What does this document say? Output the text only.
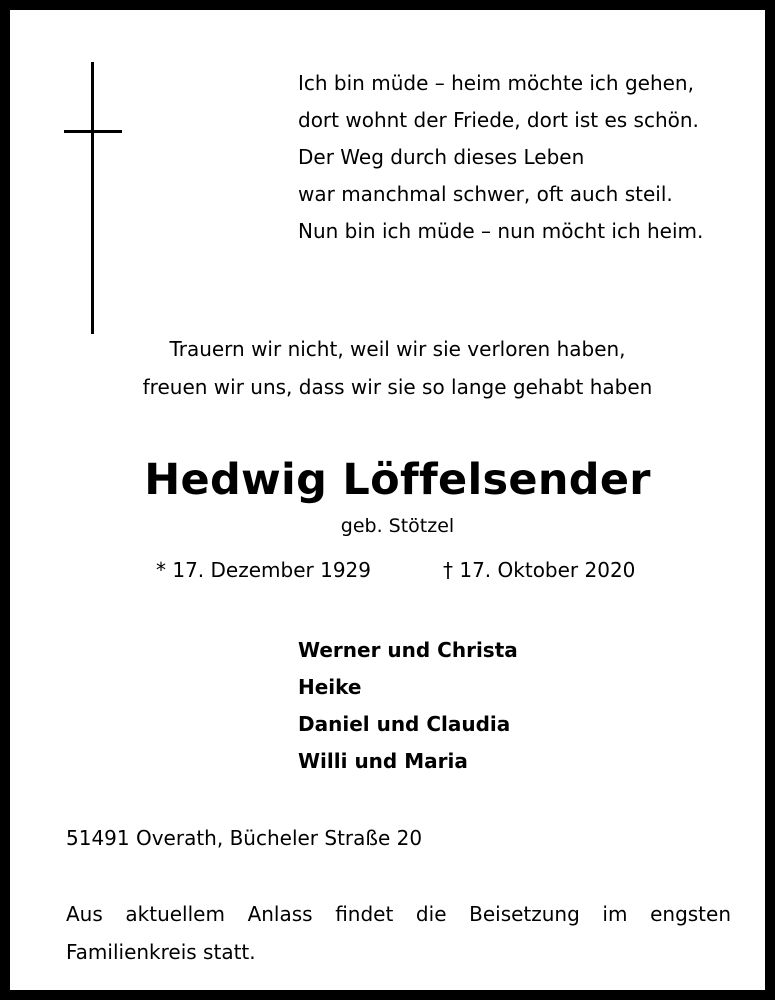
Ich bin müde – heim möchte ich gehen,
dort wohnt der Friede, dort ist es schön.
Der Weg durch dieses Leben
war manchmal schwer, oft auch steil.
Nun bin ich müde – nun möcht ich heim.
Trauern wir nicht, weil wir sie verloren haben,
freuen wir uns, dass wir sie so lange gehabt haben
Hedwig Löffelsender
geb. Stötzel
* 17. Dezember 1929	† 17. Oktober 2020
Werner und Christa
Heike
Daniel und Claudia
Willi und Maria
51491 Overath, Bücheler Straße 20

Aus aktuellem Anlass findet die Beisetzung im engsten Familienkreis statt.
